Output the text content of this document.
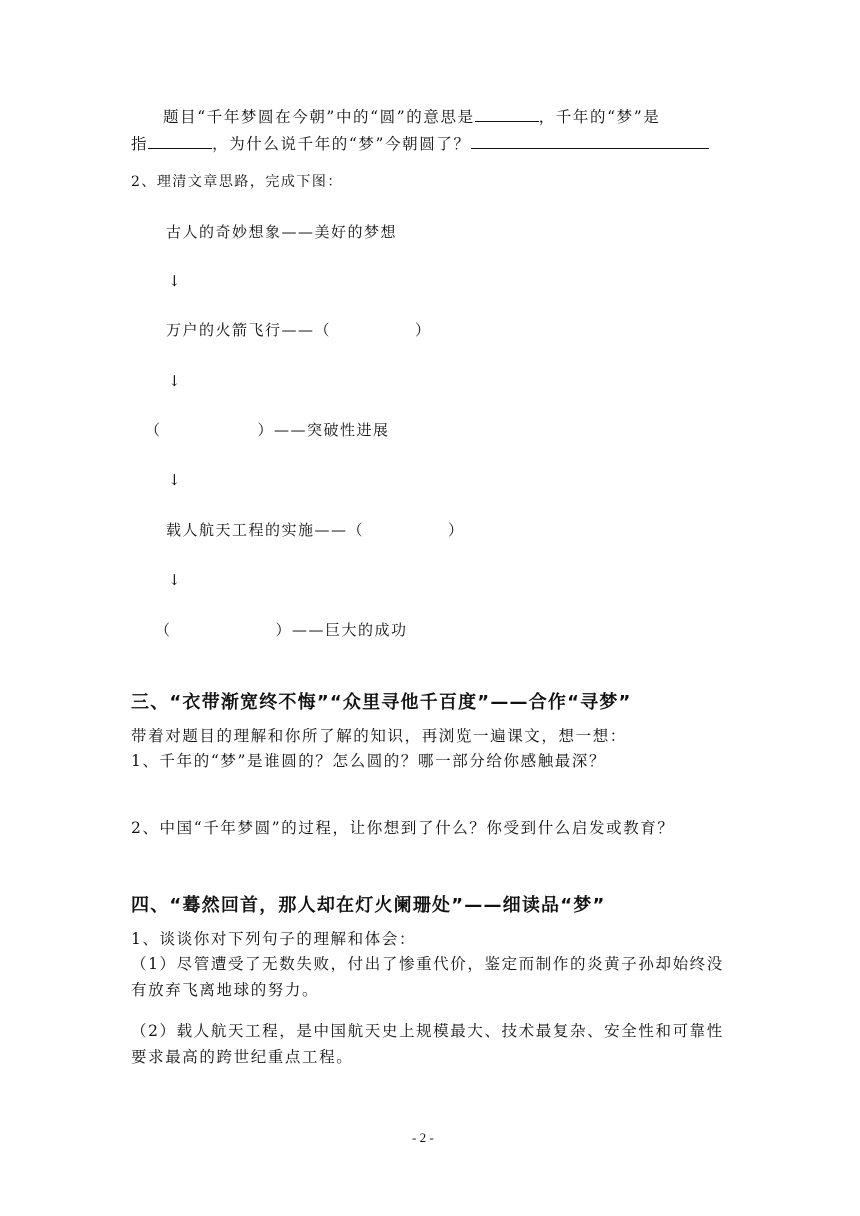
题目“千年梦圆在今朝”中的“圆”的意思是	，千年的“梦”是
指	，为什么说千年的“梦”今朝圆了？
2、理清文章思路，完成下图：
古人的奇妙想象——美好的梦想
↓
万户的火箭飞行——（	）
↓
（	）——突破性进展
↓
载人航天工程的实施——（	）
↓
（	）——巨大的成功
三、“衣带渐宽终不悔”“众里寻他千百度”——合作“寻梦”
带着对题目的理解和你所了解的知识，再浏览一遍课文，想一想：
1、千年的“梦”是谁圆的？怎么圆的？哪一部分给你感触最深？
2、中国“千年梦圆”的过程，让你想到了什么？你受到什么启发或教育？
四、“蓦然回首，那人却在灯火阑珊处”——细读品“梦”
1、谈谈你对下列句子的理解和体会：
（1）尽管遭受了无数失败，付出了惨重代价，鉴定而制作的炎黄子孙却始终没
有放弃飞离地球的努力。
（2）载人航天工程，是中国航天史上规模最大、技术最复杂、安全性和可靠性
要求最高的跨世纪重点工程。
- 2 -
